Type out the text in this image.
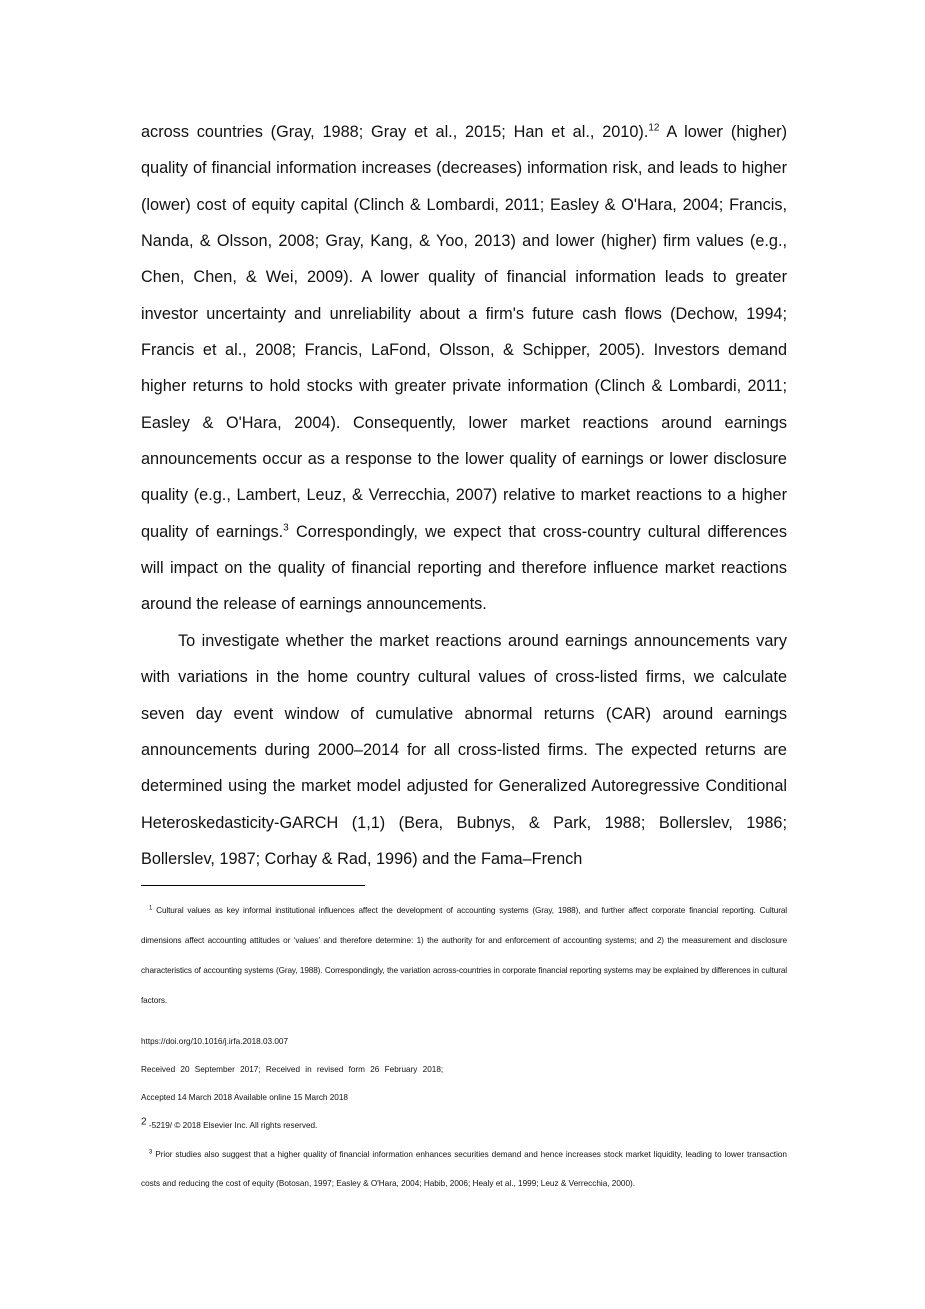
across countries (Gray, 1988; Gray et al., 2015; Han et al., 2010).$^{12}$ A lower (higher) quality of financial information increases (decreases) information risk, and leads to higher (lower) cost of equity capital (Clinch & Lombardi, 2011; Easley & O'Hara, 2004; Francis, Nanda, & Olsson, 2008; Gray, Kang, & Yoo, 2013) and lower (higher) firm values (e.g., Chen, Chen, & Wei, 2009). A lower quality of financial information leads to greater investor uncertainty and unreliability about a firm's future cash flows (Dechow, 1994; Francis et al., 2008; Francis, LaFond, Olsson, & Schipper, 2005). Investors demand higher returns to hold stocks with greater private information (Clinch & Lombardi, 2011; Easley & O'Hara, 2004). Consequently, lower market reactions around earnings announcements occur as a response to the lower quality of earnings or lower disclosure quality (e.g., Lambert, Leuz, & Verrecchia, 2007) relative to market reactions to a higher quality of earnings.$^3$ Correspondingly, we expect that cross-country cultural differences will impact on the quality of financial reporting and therefore influence market reactions around the release of earnings announcements.

To investigate whether the market reactions around earnings announcements vary with variations in the home country cultural values of cross-listed firms, we calculate seven day event window of cumulative abnormal returns (CAR) around earnings announcements during 2000–2014 for all cross-listed firms. The expected returns are determined using the market model adjusted for Generalized Autoregressive Conditional Heteroskedasticity-GARCH (1,1) (Bera, Bubnys, & Park, 1988; Bollerslev, 1986; Bollerslev, 1987; Corhay & Rad, 1996) and the Fama–French

$^1$ Cultural values as key informal institutional influences affect the development of accounting systems (Gray, 1988), and further affect corporate financial reporting. Cultural dimensions affect accounting attitudes or ‘values’ and therefore determine: 1) the authority for and enforcement of accounting systems; and 2) the measurement and disclosure characteristics of accounting systems (Gray, 1988). Correspondingly, the variation across-countries in corporate financial reporting systems may be explained by differences in cultural factors.

https://doi.org/10.1016/j.irfa.2018.03.007

Received 20 September 2017; Received in revised form 26 February 2018;

Accepted 14 March 2018 Available online 15 March 2018

$^2$ -5219/ © 2018 Elsevier Inc. All rights reserved.

$^3$ Prior studies also suggest that a higher quality of financial information enhances securities demand and hence increases stock market liquidity, leading to lower transaction costs and reducing the cost of equity (Botosan, 1997; Easley & O'Hara, 2004; Habib, 2006; Healy et al., 1999; Leuz & Verrecchia, 2000).
